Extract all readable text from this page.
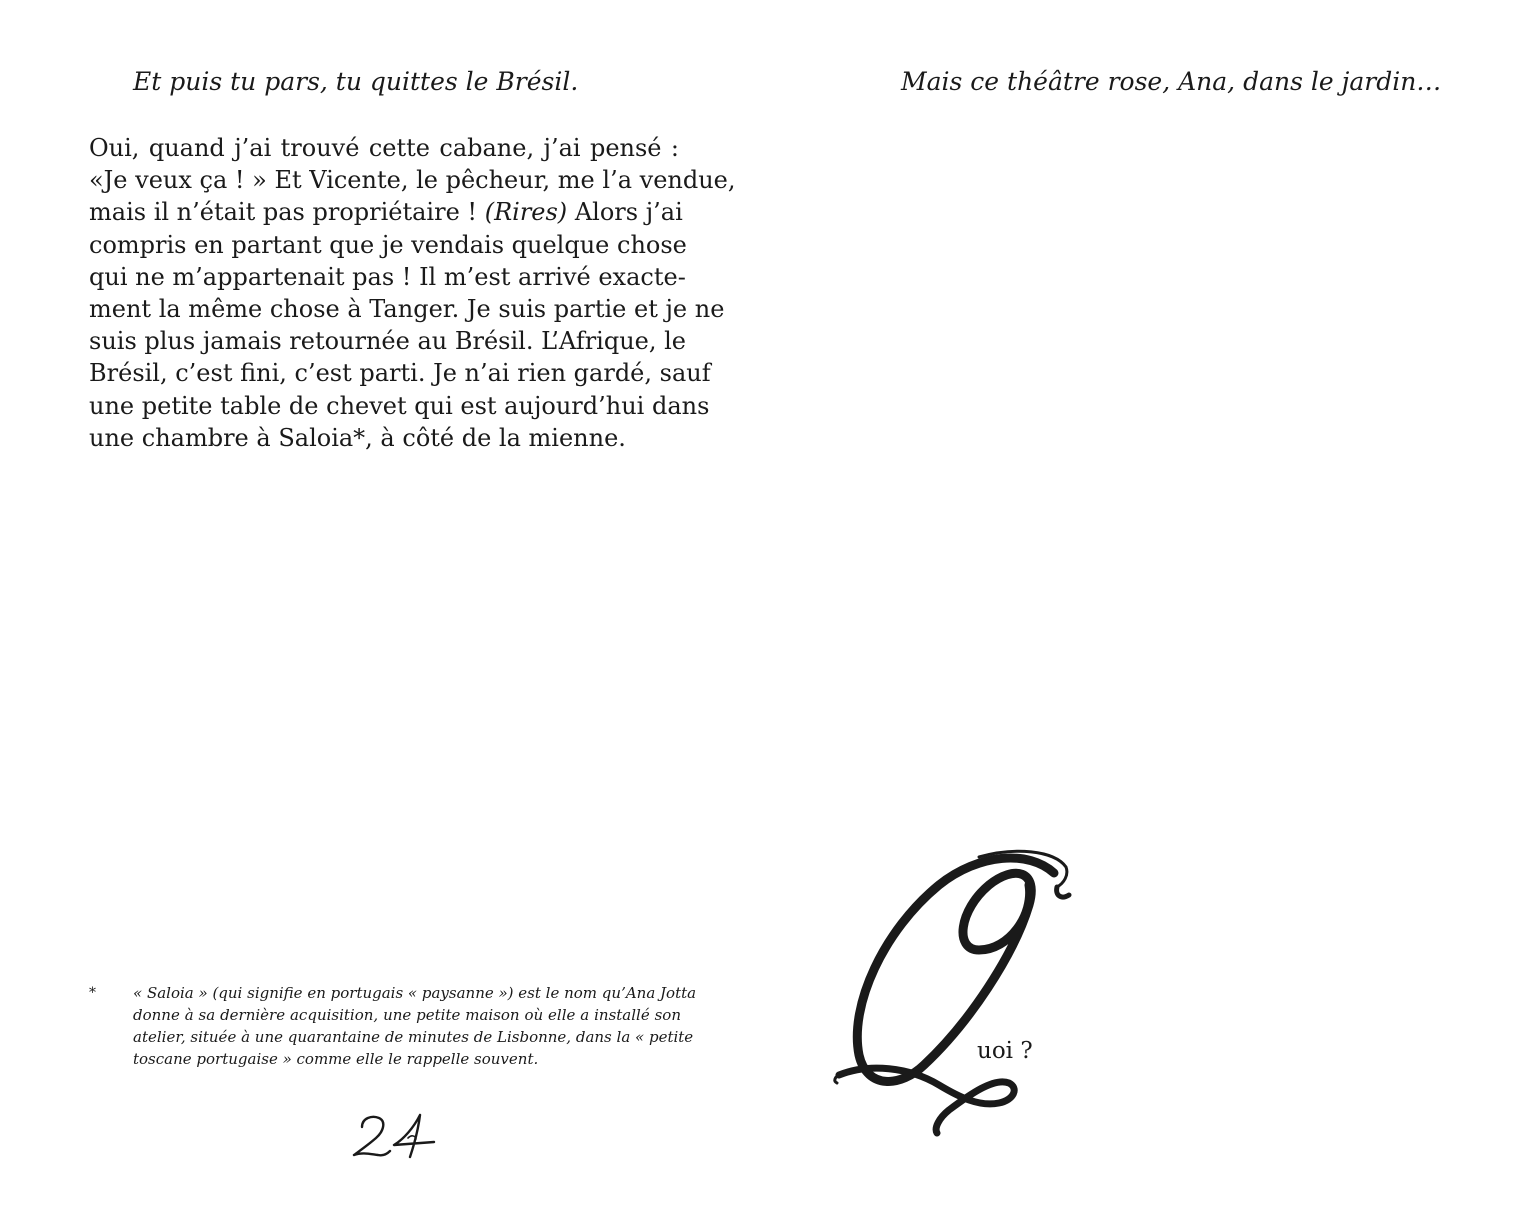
Et puis tu pars, tu quittes le Brésil.
Oui, quand j’ai trouvé cette cabane, j’ai pensé :
«Je veux ça ! » Et Vicente, le pêcheur, me l’a vendue,
mais il n’était pas propriétaire ! (Rires) Alors j’ai
compris en partant que je vendais quelque chose
qui ne m’appartenait pas ! Il m’est arrivé exacte-
ment la même chose à Tanger. Je suis partie et je ne
suis plus jamais retournée au Brésil. L’Afrique, le
Brésil, c’est fini, c’est parti. Je n’ai rien gardé, sauf
une petite table de chevet qui est aujourd’hui dans
une chambre à Saloia*, à côté de la mienne.
* « Saloia » (qui signifie en portugais « paysanne ») est le nom qu’Ana Jotta
donne à sa dernière acquisition, une petite maison où elle a installé son
atelier, située à une quarantaine de minutes de Lisbonne, dans la « petite
toscane portugaise » comme elle le rappelle souvent.
Mais ce théâtre rose, Ana, dans le jardin…
uoi ?
